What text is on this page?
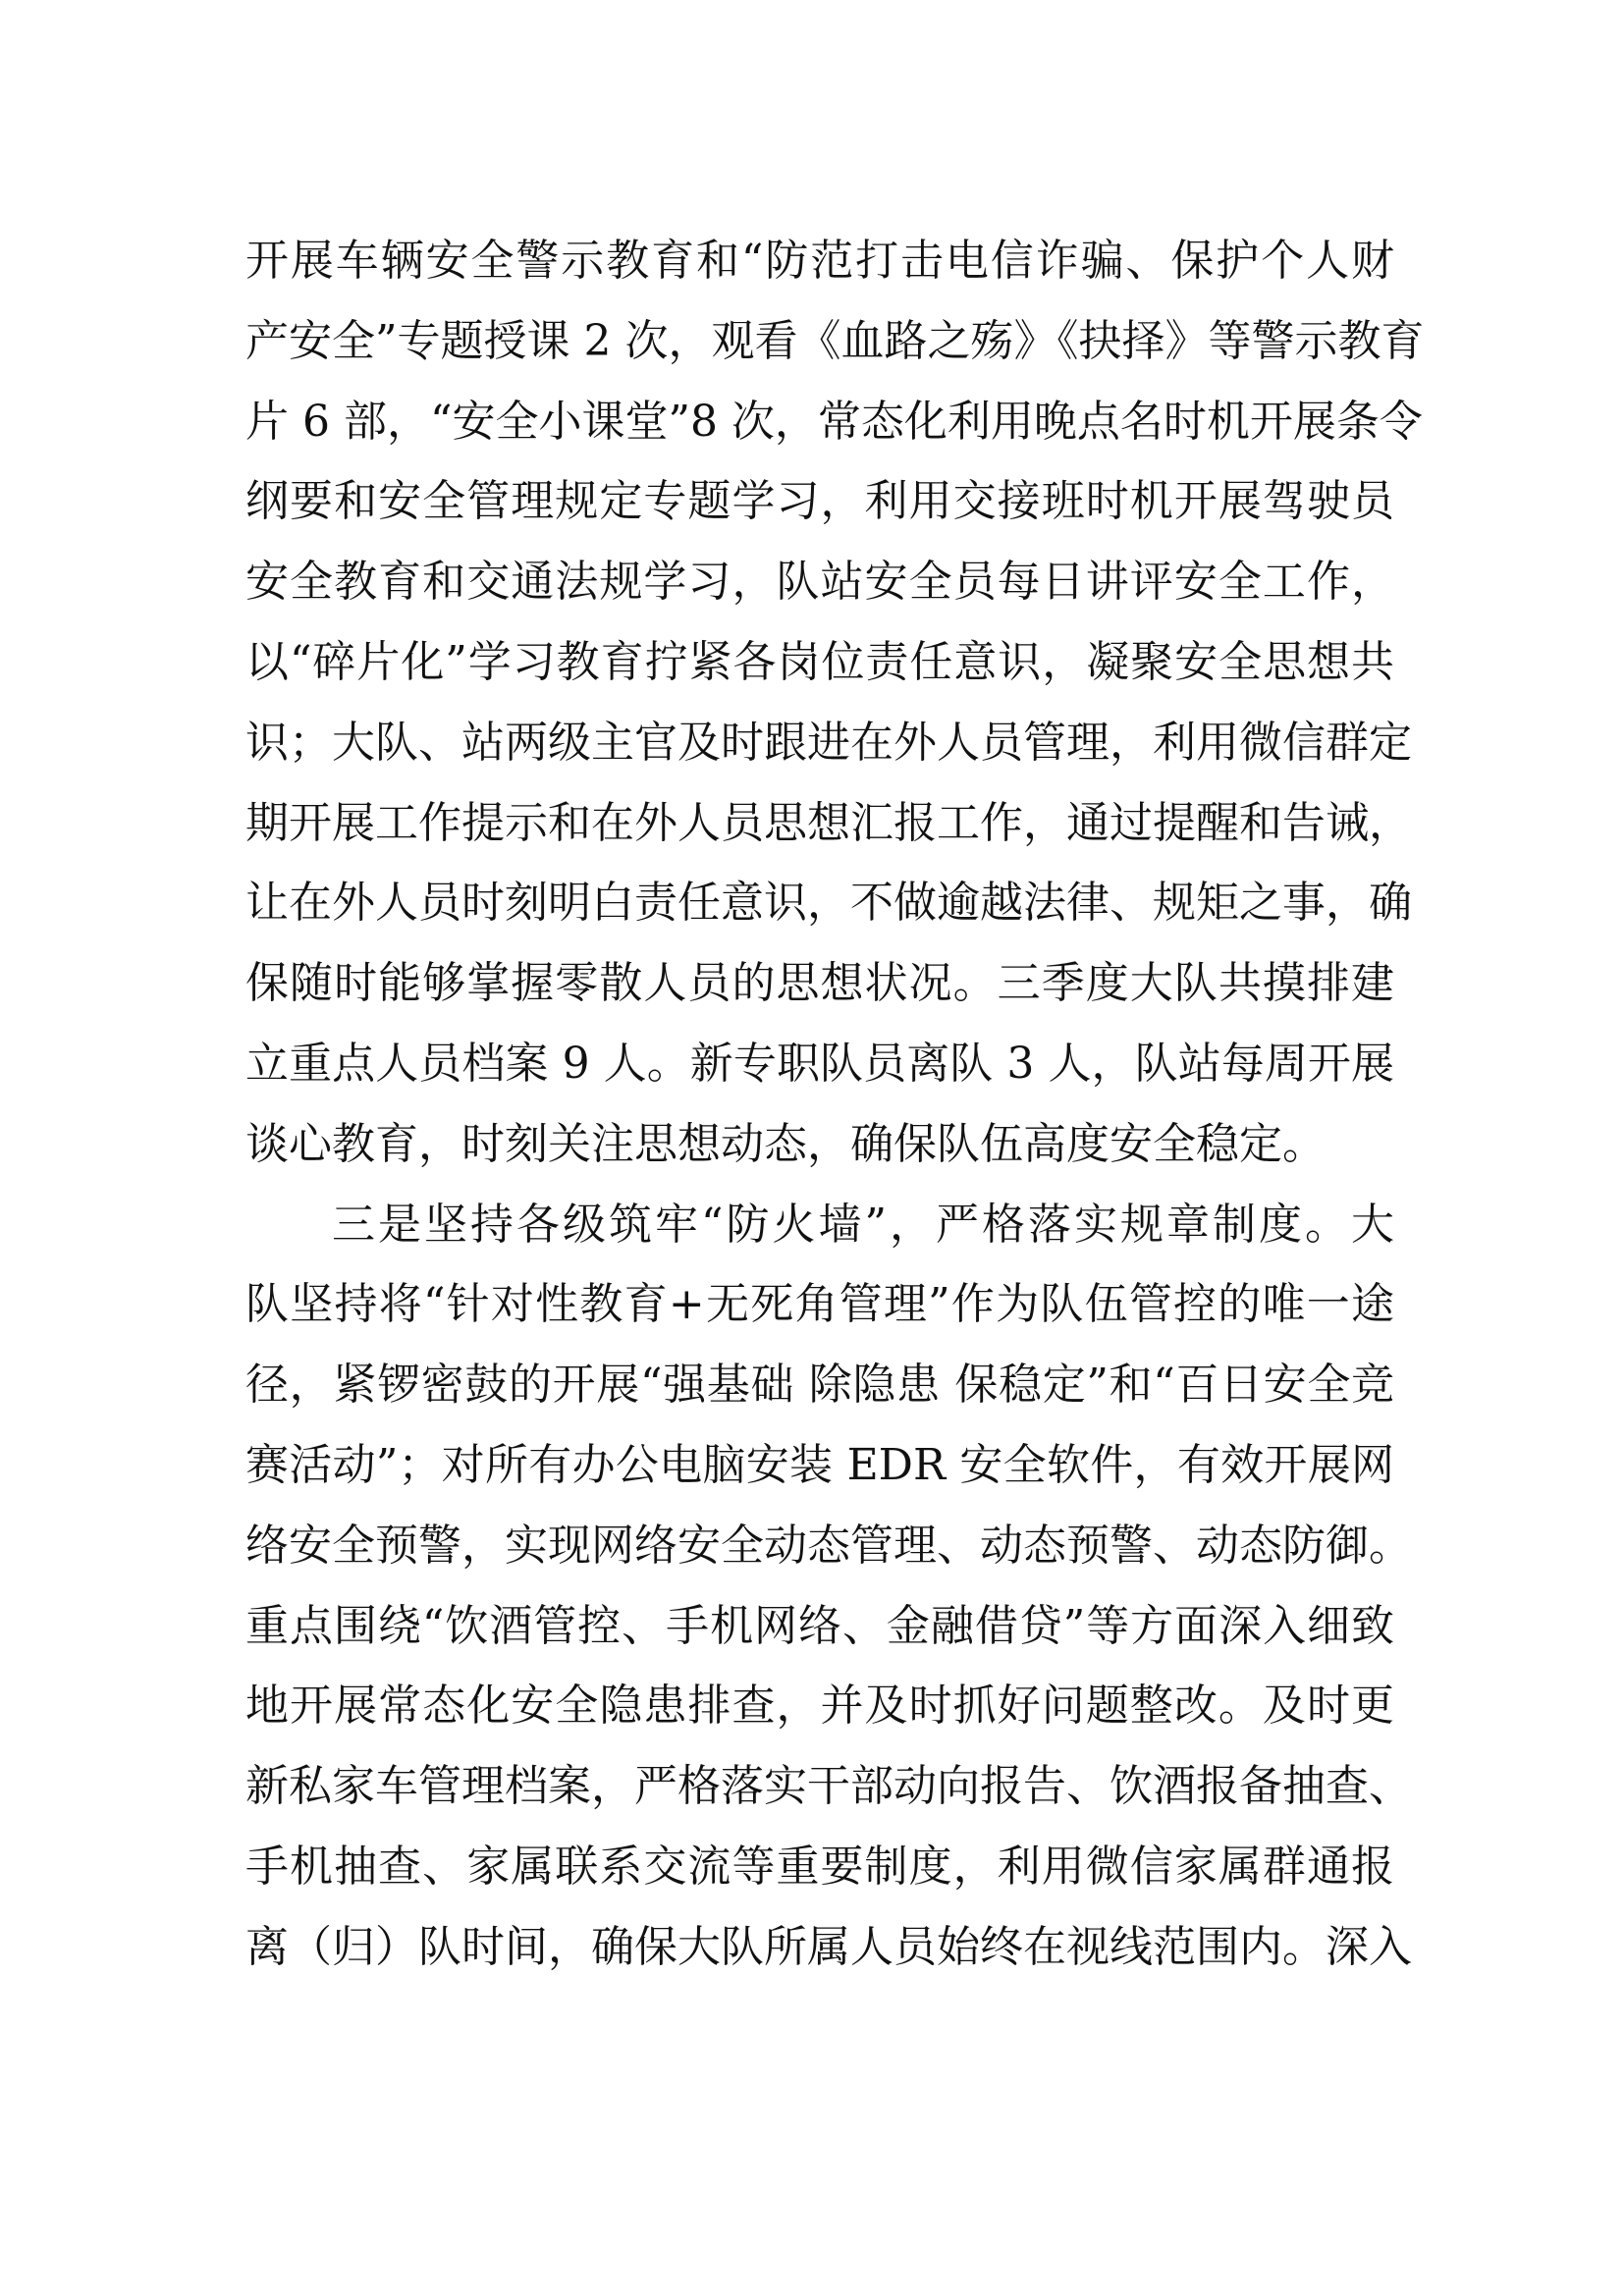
开展车辆安全警示教育和“防范打击电信诈骗、保护个人财
产安全”专题授课 2 次，观看《血路之殇》《抉择》等警示教育
片 6 部，“安全小课堂”8 次，常态化利用晚点名时机开展条令
纲要和安全管理规定专题学习，利用交接班时机开展驾驶员
安全教育和交通法规学习，队站安全员每日讲评安全工作，
以“碎片化”学习教育拧紧各岗位责任意识，凝聚安全思想共
识；大队、站两级主官及时跟进在外人员管理，利用微信群定
期开展工作提示和在外人员思想汇报工作，通过提醒和告诫，
让在外人员时刻明白责任意识，不做逾越法律、规矩之事，确
保随时能够掌握零散人员的思想状况。三季度大队共摸排建
立重点人员档案 9 人。新专职队员离队 3 人，队站每周开展
谈心教育，时刻关注思想动态，确保队伍高度安全稳定。
三是坚持各级筑牢“防火墙”，严格落实规章制度。大
队坚持将“针对性教育+无死角管理”作为队伍管控的唯一途
径，紧锣密鼓的开展“强基础 除隐患 保稳定”和“百日安全竞
赛活动”；对所有办公电脑安装 EDR 安全软件，有效开展网
络安全预警，实现网络安全动态管理、动态预警、动态防御。
重点围绕“饮酒管控、手机网络、金融借贷”等方面深入细致
地开展常态化安全隐患排查，并及时抓好问题整改。及时更
新私家车管理档案，严格落实干部动向报告、饮酒报备抽查、
手机抽查、家属联系交流等重要制度，利用微信家属群通报
离（归）队时间，确保大队所属人员始终在视线范围内。深入
